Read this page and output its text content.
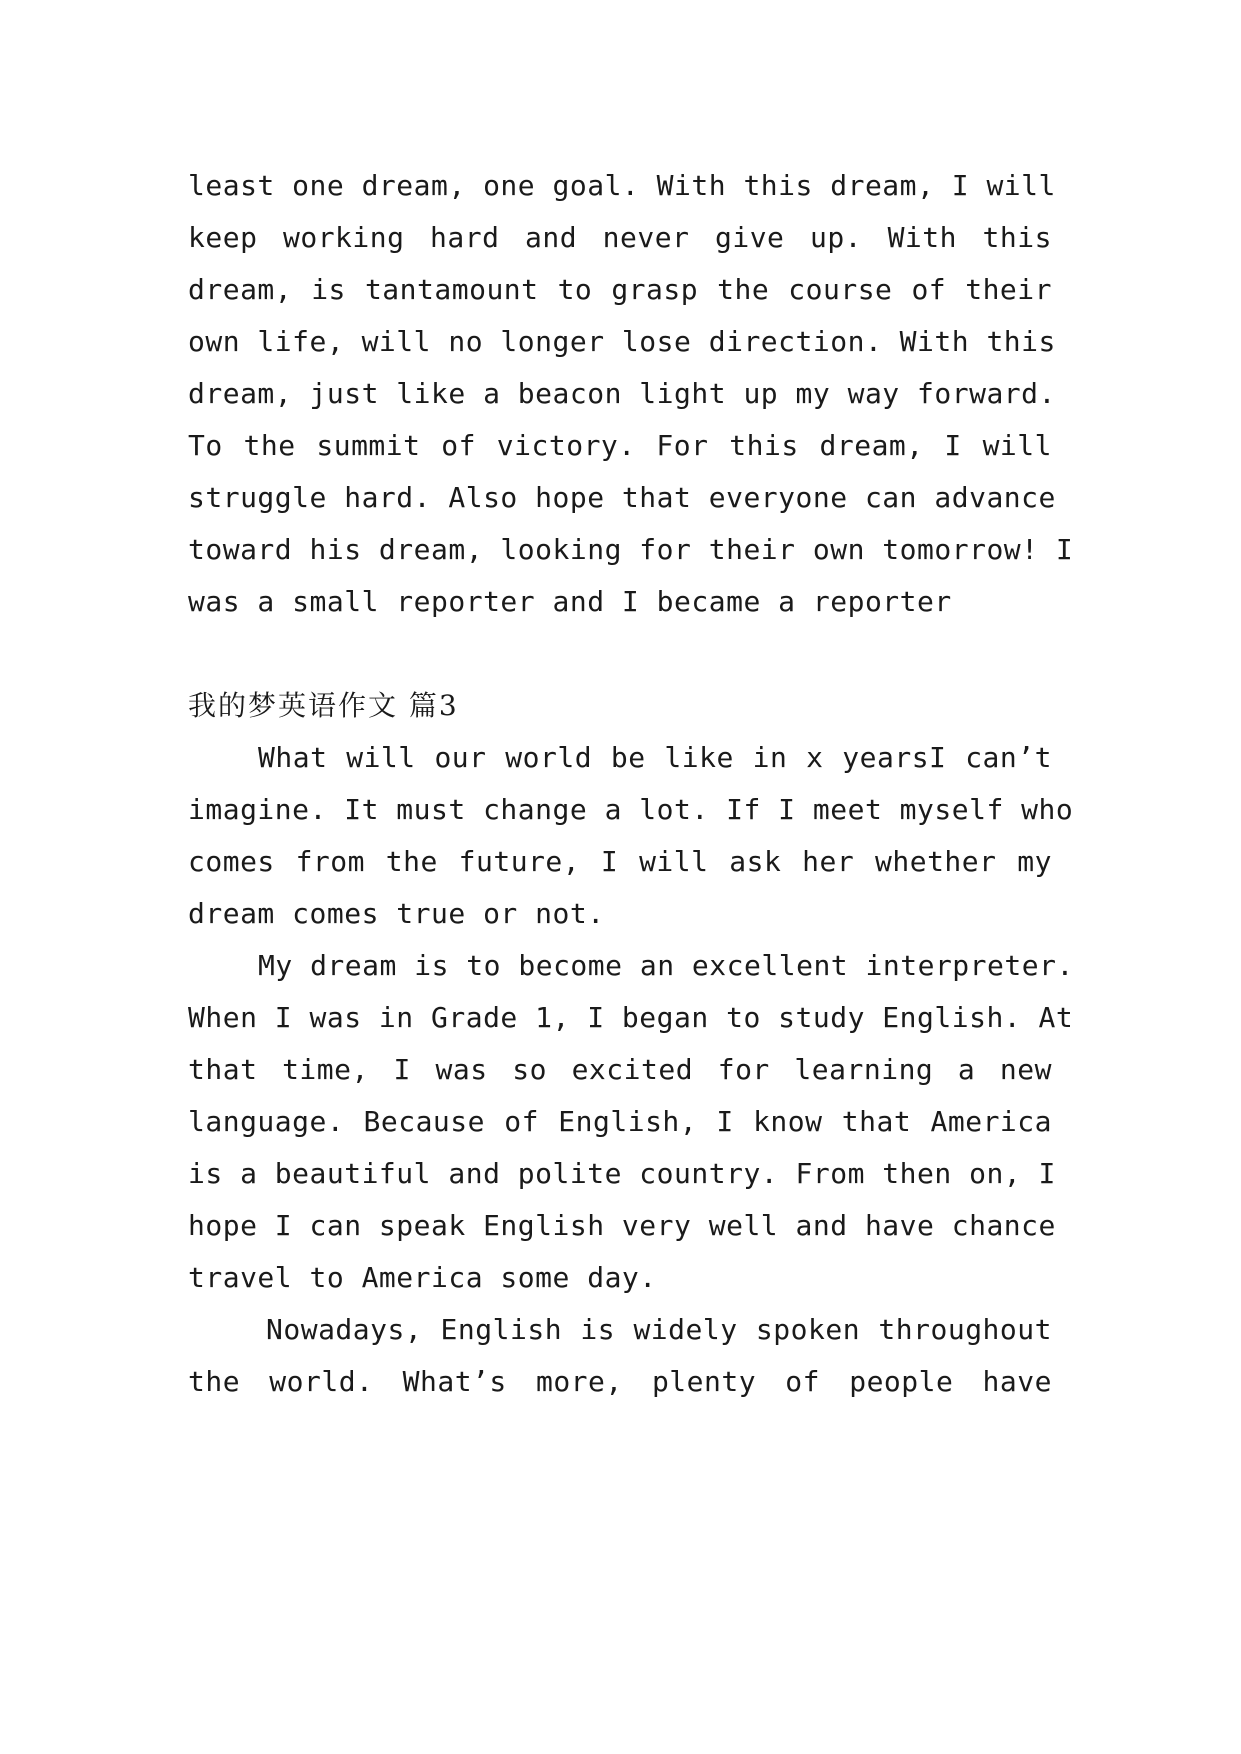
least one dream, one goal. With this dream, I will
keep working hard and never give up. With this
dream, is tantamount to grasp the course of their
own life, will no longer lose direction. With this
dream, just like a beacon light up my way forward.
To the summit of victory. For this dream, I will
struggle hard. Also hope that everyone can advance
toward his dream, looking for their own tomorrow! I
was a small reporter and I became a reporter
我的梦英语作文 篇3
What will our world be like in x yearsI can’t
imagine. It must change a lot. If I meet myself who
comes from the future, I will ask her whether my
dream comes true or not.
My dream is to become an excellent interpreter.
When I was in Grade 1, I began to study English. At
that time, I was so excited for learning a new
language. Because of English, I know that America
is a beautiful and polite country. From then on, I
hope I can speak English very well and have chance
travel to America some day.
Nowadays, English is widely spoken throughout
the world. What’s more, plenty of people have
